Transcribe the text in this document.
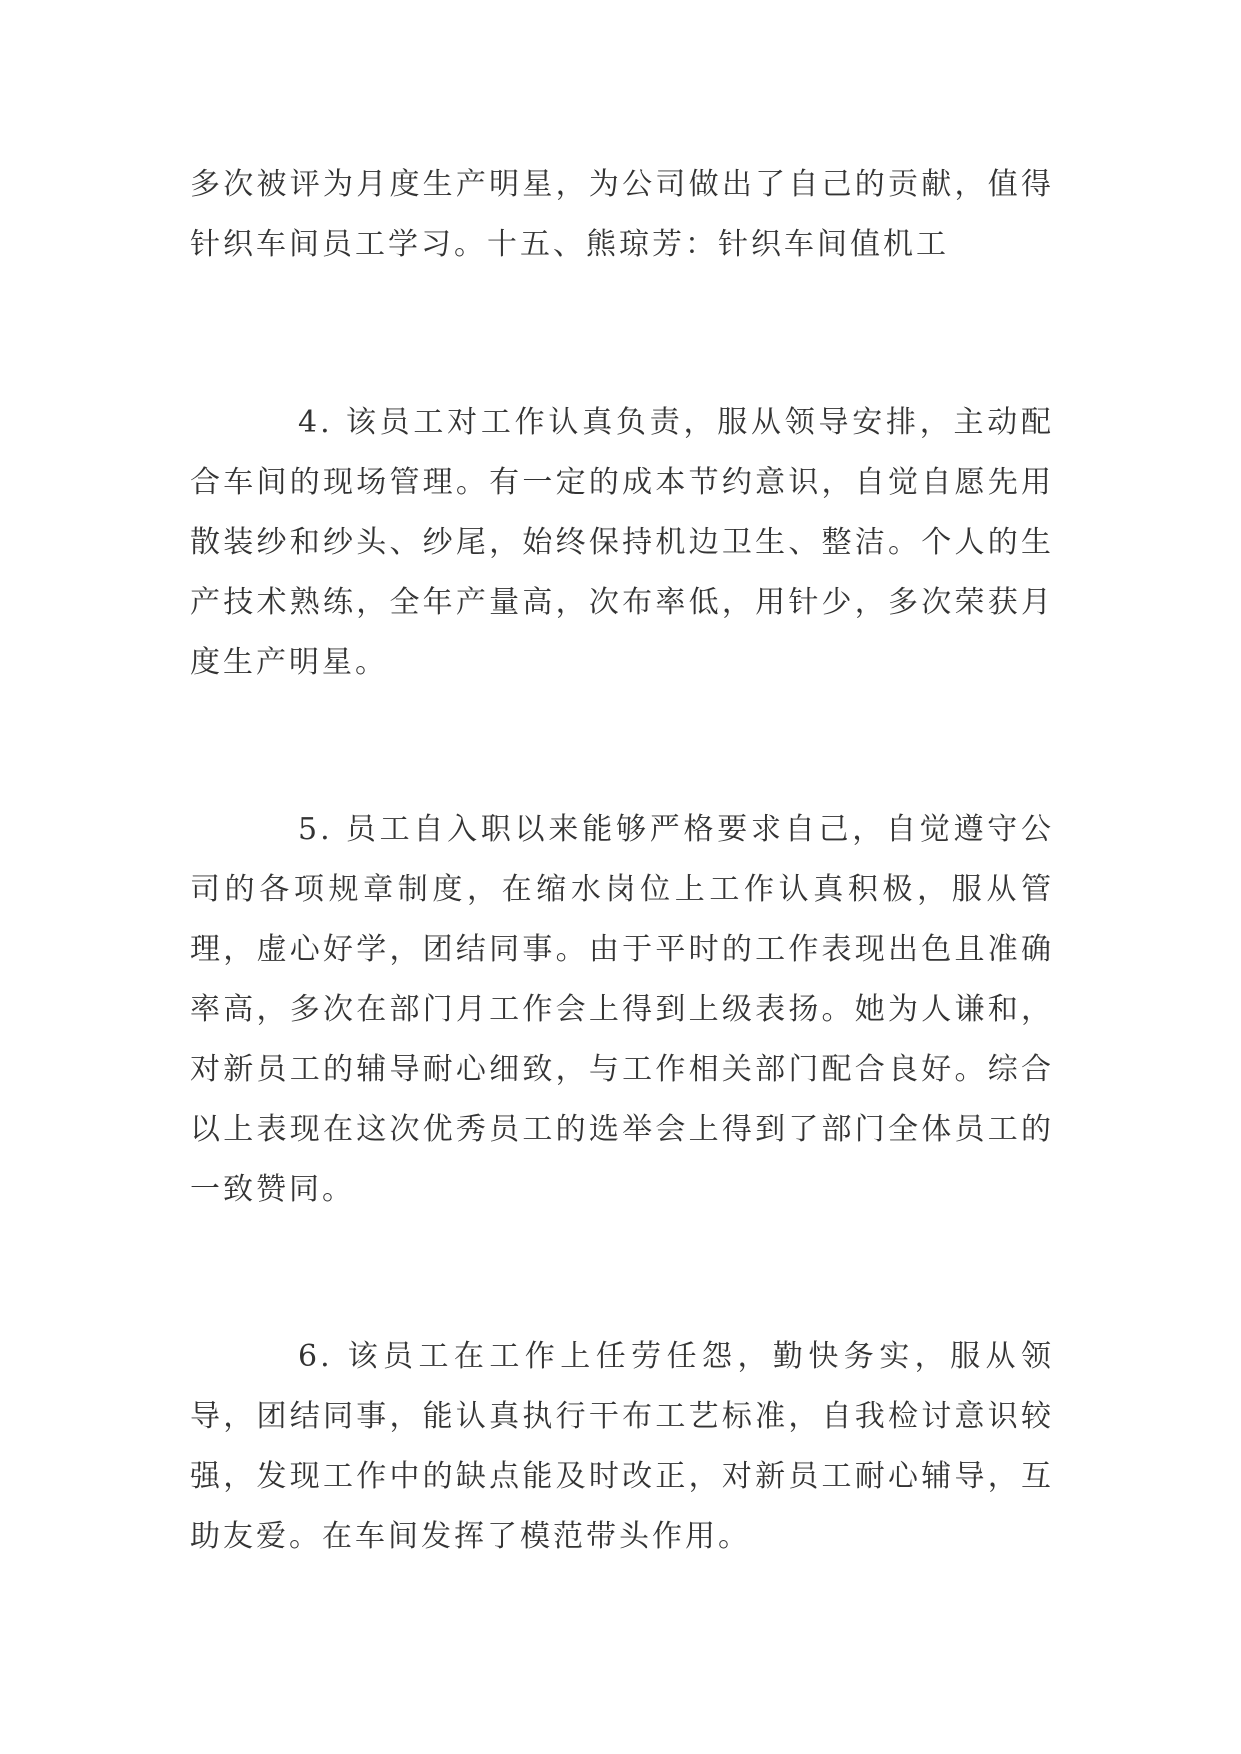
多次被评为月度生产明星，为公司做出了自己的贡献，值得针织车间员工学习。十五、熊琼芳：针织车间值机工

4. 该员工对工作认真负责，服从领导安排，主动配合车间的现场管理。有一定的成本节约意识，自觉自愿先用散装纱和纱头、纱尾，始终保持机边卫生、整洁。个人的生产技术熟练，全年产量高，次布率低，用针少，多次荣获月度生产明星。

5. 员工自入职以来能够严格要求自己，自觉遵守公司的各项规章制度，在缩水岗位上工作认真积极，服从管理，虚心好学，团结同事。由于平时的工作表现出色且准确率高，多次在部门月工作会上得到上级表扬。她为人谦和，对新员工的辅导耐心细致，与工作相关部门配合良好。综合以上表现在这次优秀员工的选举会上得到了部门全体员工的一致赞同。

6. 该员工在工作上任劳任怨，勤快务实，服从领导，团结同事，能认真执行干布工艺标准，自我检讨意识较强，发现工作中的缺点能及时改正，对新员工耐心辅导，互助友爱。在车间发挥了模范带头作用。
